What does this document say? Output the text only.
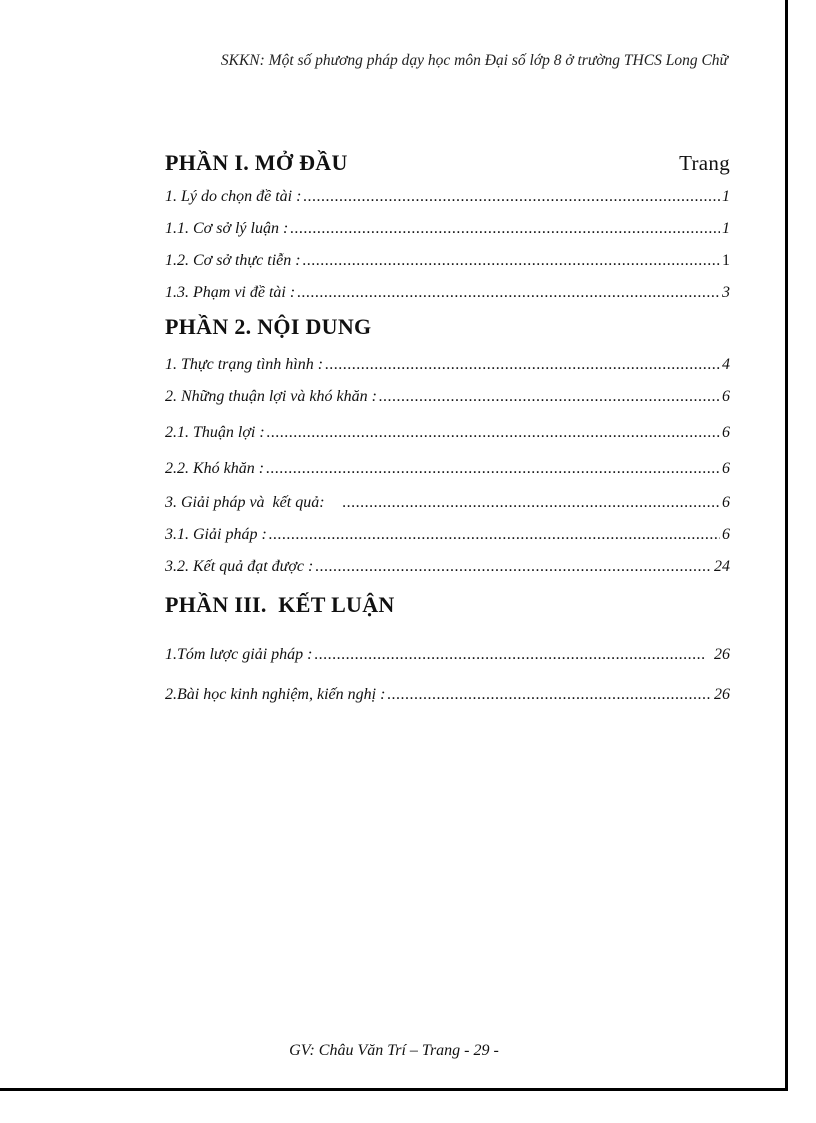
SKKN: Một số phương pháp dạy học môn Đại số lớp 8 ở trường THCS Long Chữ
PHẦN I. MỞ ĐẦU	Trang
1. Lý do chọn đề tài : .....	1
1.1. Cơ sở lý luận : .....	1
1.2. Cơ sở thực tiễn : .....	1
1.3. Phạm vi đề tài : .....	3
PHẦN 2. NỘI DUNG
1. Thực trạng tình hình : .....	4
2. Những thuận lợi và khó khăn : .....	6
2.1. Thuận lợi : .....	6
2.2. Khó khăn : .....	6
3. Giải pháp và  kết quả: .....	6
3.1. Giải pháp : .....	6
3.2. Kết quả đạt được : .....	24
PHẦN III.  KẾT LUẬN
1.Tóm lược giải pháp : .....	26
2.Bài học kinh nghiệm, kiến nghị : .....	26
GV: Châu Văn Trí – Trang - 29 -
